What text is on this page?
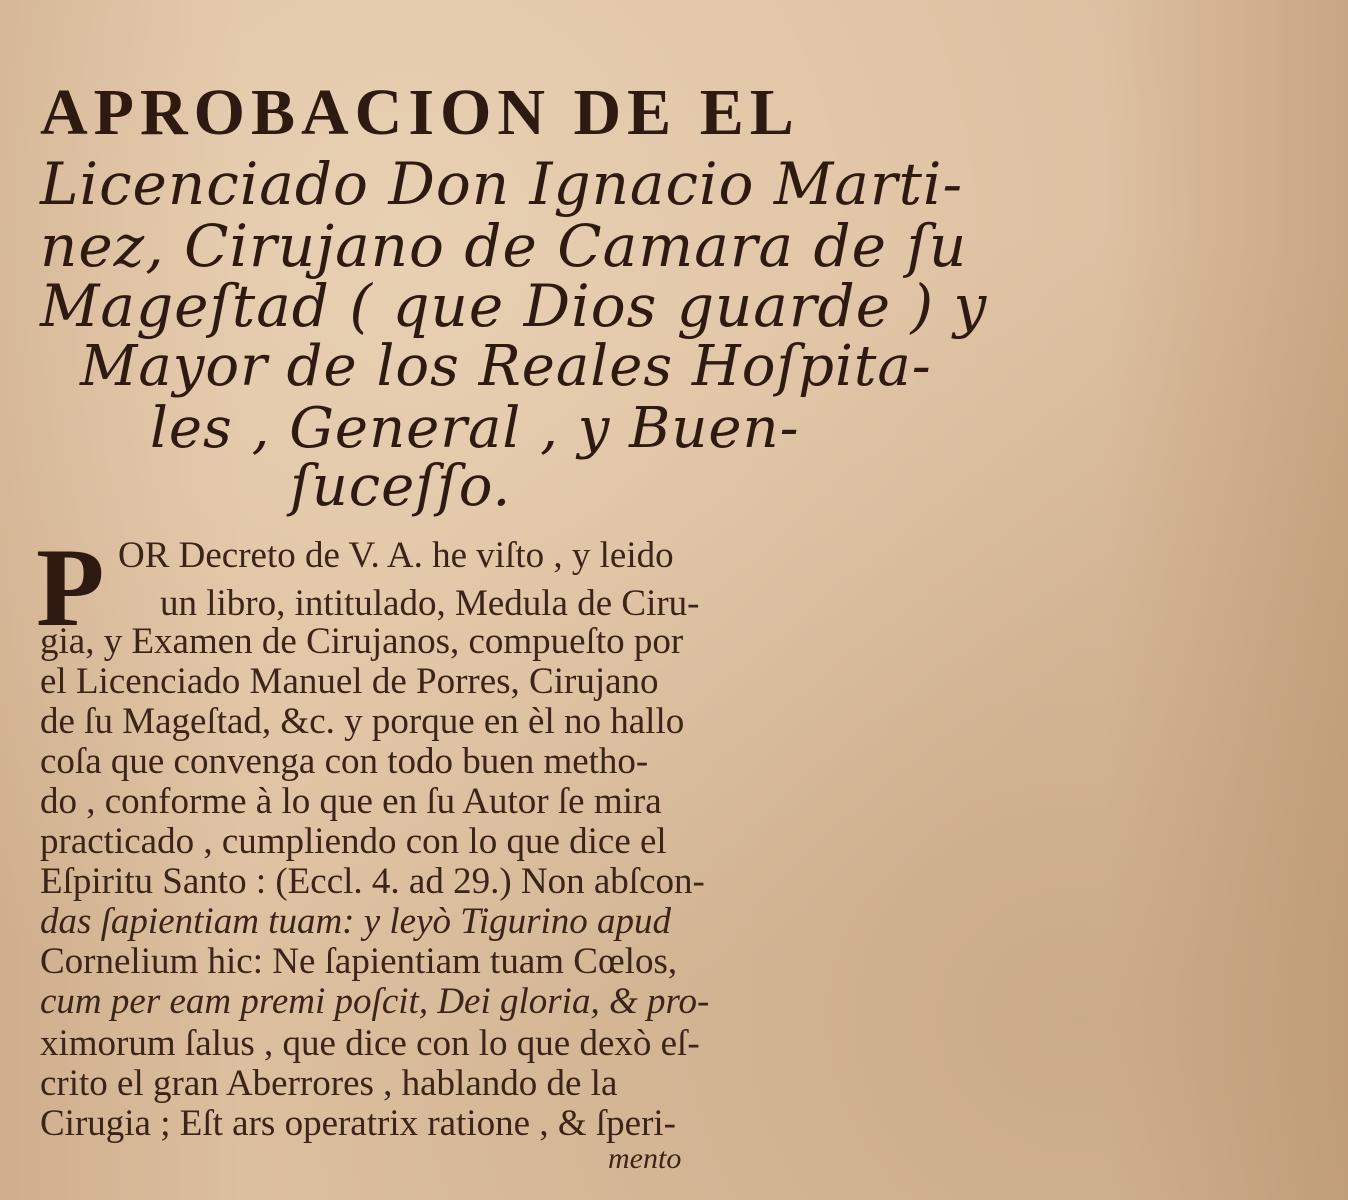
APROBACION DE EL
Licenciado Don Ignacio Marti-
nez, Cirujano de Camara de ſu
Mageſtad ( que Dios guarde ) y
Mayor de los Reales Hoſpita-
les , General , y Buen-
ſuceſſo.
P OR Decreto de V. A. he viſto , y leido
un libro, intitulado, Medula de Ciru-
gia, y Examen de Cirujanos, compueſto por
el Licenciado Manuel de Porres, Cirujano
de ſu Mageſtad, &c. y porque en èl no hallo
coſa que convenga con todo buen metho-
do , conforme à lo que en ſu Autor ſe mira
practicado , cumpliendo con lo que dice el
Eſpiritu Santo : (Eccl. 4. ad 29.) Non abſcon-
das ſapientiam tuam: y leyò Tigurino apud
Cornelium hic: Ne ſapientiam tuam Cœlos,
cum per eam premi poſcit, Dei gloria, & pro-
ximorum ſalus , que dice con lo que dexò eſ-
crito el gran Aberrores , hablando de la
Cirugia ; Eſt ars operatrix ratione , & ſperi-
mento
